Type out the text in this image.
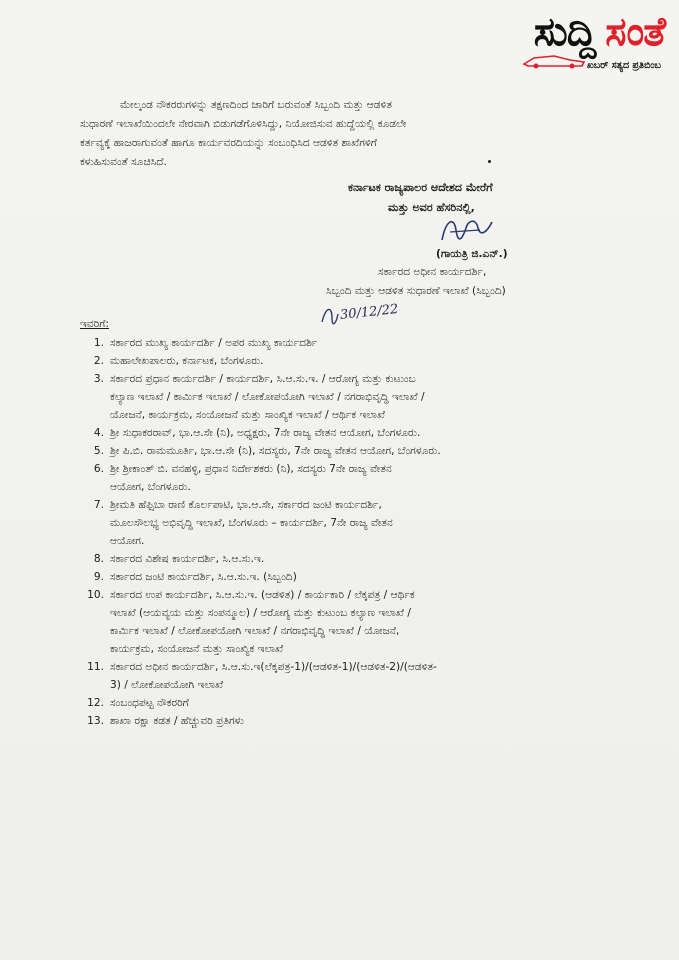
ಸುದ್ದಿ ಸಂತೆ
ಖಬರ್ ಸತ್ಯದ ಪ್ರತಿಬಿಂಬ
ಮೇಲ್ಕಂಡ ನೌಕರರುಗಳನ್ನು ತಕ್ಷಣದಿಂದ ಜಾರಿಗೆ ಬರುವಂತೆ ಸಿಬ್ಬಂದಿ ಮತ್ತು ಆಡಳಿತ
ಸುಧಾರಣೆ ಇಲಾಖೆಯಿಂದಲೇ ನೇರವಾಗಿ ಬಿಡುಗಡೆಗೊಳಿಸಿದ್ದು, ನಿಯೋಜಿಸುವ ಹುದ್ದೆಯಲ್ಲಿ ಕೂಡಲೇ
ಕರ್ತವ್ಯಕ್ಕೆ ಹಾಜರಾಗುವಂತೆ ಹಾಗೂ ಕಾರ್ಯವರದಿಯನ್ನು ಸಂಬಂಧಿಸಿದ ಆಡಳಿತ ಶಾಖೆಗಳಿಗೆ
ಕಳುಹಿಸುವಂತೆ ಸೂಚಿಸಿದೆ.
ಕರ್ನಾಟಕ ರಾಜ್ಯಪಾಲರ ಆದೇಶದ ಮೇರೆಗೆ
ಮತ್ತು ಅವರ ಹೆಸರಿನಲ್ಲಿ,
(ಗಾಯತ್ರಿ ಜಿ.ಎನ್.)
ಸರ್ಕಾರದ ಅಧೀನ ಕಾರ್ಯದರ್ಶಿ,
ಸಿಬ್ಬಂದಿ ಮತ್ತು ಆಡಳಿತ ಸುಧಾರಣೆ ಇಲಾಖೆ (ಸಿಬ್ಬಂದಿ)
30/12/22
ಇವರಿಗೆ:
1. ಸರ್ಕಾರದ ಮುಖ್ಯ ಕಾರ್ಯದರ್ಶಿ / ಅಪರ ಮುಖ್ಯ ಕಾರ್ಯದರ್ಶಿ
2. ಮಹಾಲೇಖಪಾಲರು, ಕರ್ನಾಟಕ, ಬೆಂಗಳೂರು.
3. ಸರ್ಕಾರದ ಪ್ರಧಾನ ಕಾರ್ಯದರ್ಶಿ / ಕಾರ್ಯದರ್ಶಿ, ಸಿ.ಆ.ಸು.ಇ. / ಆರೋಗ್ಯ ಮತ್ತು ಕುಟುಂಬ
ಕಲ್ಯಾಣ ಇಲಾಖೆ / ಕಾರ್ಮಿಕ ಇಲಾಖೆ / ಲೋಕೋಪಯೋಗಿ ಇಲಾಖೆ / ನಗರಾಭಿವೃದ್ಧಿ ಇಲಾಖೆ /
ಯೋಜನೆ, ಕಾರ್ಯಕ್ರಮ, ಸಂಯೋಜನೆ ಮತ್ತು ಸಾಂಖ್ಯಿಕ ಇಲಾಖೆ / ಆರ್ಥಿಕ ಇಲಾಖೆ
4. ಶ್ರೀ ಸುಧಾಕರರಾವ್, ಭಾ.ಆ.ಸೇ (ನಿ), ಅಧ್ಯಕ್ಷರು, 7ನೇ ರಾಜ್ಯ ವೇತನ ಆಯೋಗ, ಬೆಂಗಳೂರು.
5. ಶ್ರೀ ಪಿ.ಬಿ. ರಾಮಮೂರ್ತಿ, ಭಾ.ಆ.ಸೇ (ನಿ), ಸದಸ್ಯರು, 7ನೇ ರಾಜ್ಯ ವೇತನ ಆಯೋಗ, ಬೆಂಗಳೂರು.
6. ಶ್ರೀ ಶ್ರೀಕಾಂತ್ ಬಿ. ವನಹಳ್ಳಿ, ಪ್ರಧಾನ ನಿರ್ದೇಶಕರು (ನಿ), ಸದಸ್ಯರು 7ನೇ ರಾಜ್ಯ ವೇತನ
ಆಯೋಗ, ಬೆಂಗಳೂರು.
7. ಶ್ರೀಮತಿ ಹೆಫ್ಸಿಬಾ ರಾಣಿ ಕೊರ್ಲಪಾಟಿ, ಭಾ.ಆ.ಸೇ, ಸರ್ಕಾರದ ಜಂಟಿ ಕಾರ್ಯದರ್ಶಿ,
ಮೂಲಸೌಲಭ್ಯ ಅಭಿವೃದ್ಧಿ ಇಲಾಖೆ, ಬೆಂಗಳೂರು – ಕಾರ್ಯದರ್ಶಿ, 7ನೇ ರಾಜ್ಯ ವೇತನ
ಆಯೋಗ.
8. ಸರ್ಕಾರದ ವಿಶೇಷ ಕಾರ್ಯದರ್ಶಿ, ಸಿ.ಆ.ಸು.ಇ.
9. ಸರ್ಕಾರದ ಜಂಟಿ ಕಾರ್ಯದರ್ಶಿ, ಸಿ.ಆ.ಸು.ಇ. (ಸಿಬ್ಬಂದಿ)
10. ಸರ್ಕಾರದ ಉಪ ಕಾರ್ಯದರ್ಶಿ, ಸಿ.ಆ.ಸು.ಇ. (ಆಡಳಿತ) / ಕಾರ್ಯಕಾರಿ / ಲೆಕ್ಕಪತ್ರ / ಆರ್ಥಿಕ
ಇಲಾಖೆ (ಆಯವ್ಯಯ ಮತ್ತು ಸಂಪನ್ಮೂಲ) / ಆರೋಗ್ಯ ಮತ್ತು ಕುಟುಂಬ ಕಲ್ಯಾಣ ಇಲಾಖೆ /
ಕಾರ್ಮಿಕ ಇಲಾಖೆ / ಲೋಕೋಪಯೋಗಿ ಇಲಾಖೆ / ನಗರಾಭಿವೃದ್ಧಿ ಇಲಾಖೆ / ಯೋಜನೆ,
ಕಾರ್ಯಕ್ರಮ, ಸಂಯೋಜನೆ ಮತ್ತು ಸಾಂಖ್ಯಿಕ ಇಲಾಖೆ
11. ಸರ್ಕಾರದ ಅಧೀನ ಕಾರ್ಯದರ್ಶಿ, ಸಿ.ಆ.ಸು.ಇ(ಲೆಕ್ಕಪತ್ರ-1)/(ಆಡಳಿತ-1)/(ಆಡಳಿತ-2)/(ಆಡಳಿತ-
3) / ಲೋಕೋಪಯೋಗಿ ಇಲಾಖೆ
12. ಸಂಬಂಧಪಟ್ಟ ನೌಕರರಿಗೆ
13. ಶಾಖಾ ರಕ್ಷಾ ಕಡತ / ಹೆಚ್ಚುವರಿ ಪ್ರತಿಗಳು
